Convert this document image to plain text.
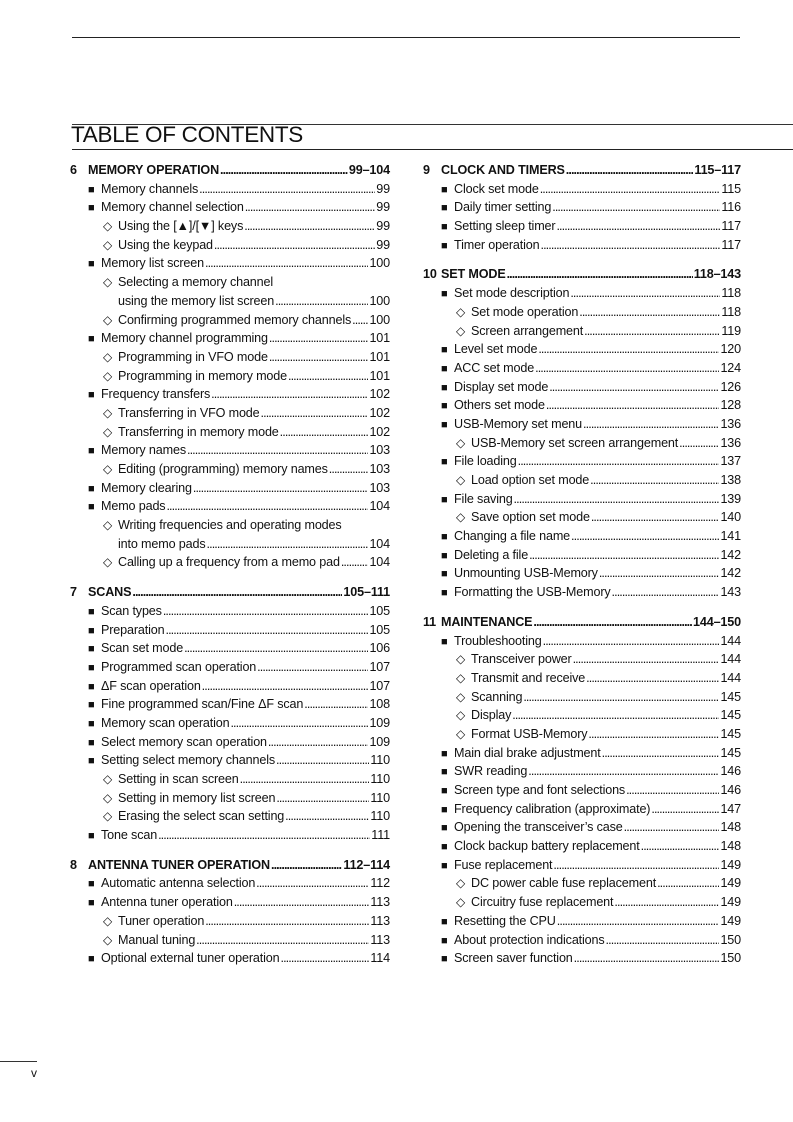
TABLE OF CONTENTS
6 MEMORY OPERATION . . .	99–104
■ Memory channels . . .	99
■ Memory channel selection . . .	99
◇ Using the [▲]/[▼] keys . . .	99
◇ Using the keypad . . .	99
■ Memory list screen . . .	100
◇ Selecting a memory channel
using the memory list screen . . .	100
◇ Confirming programmed memory channels . . . 100
■ Memory channel programming . . .	101
◇ Programming in VFO mode . . .	101
◇ Programming in memory mode . . .	101
■ Frequency transfers . . .	102
◇ Transferring in VFO mode . . .	102
◇ Transferring in memory mode . . .	102
■ Memory names . . .	103
◇ Editing (programming) memory names . . .	103
■ Memory clearing . . .	103
■ Memo pads . . .	104
◇ Writing frequencies and operating modes
into memo pads . . .	104
◇ Calling up a frequency from a memo pad . . . 104
7 SCANS . . .	105–111
■ Scan types . . .	105
■ Preparation . . .	105
■ Scan set mode . . .	106
■ Programmed scan operation . . .	107
■ ΔF scan operation . . .	107
■ Fine programmed scan/Fine ΔF scan . . .	108
■ Memory scan operation . . .	109
■ Select memory scan operation . . .	109
■ Setting select memory channels . . .	110
◇ Setting in scan screen . . .	110
◇ Setting in memory list screen . . .	110
◇ Erasing the select scan setting . . .	110
■ Tone scan . . .	111
8 ANTENNA TUNER OPERATION . . .	112–114
■ Automatic antenna selection . . .	112
■ Antenna tuner operation . . .	113
◇ Tuner operation . . .	113
◇ Manual tuning . . .	113
■ Optional external tuner operation . . .	114
9 CLOCK AND TIMERS . . .	115–117
■ Clock set mode . . .	115
■ Daily timer setting . . .	116
■ Setting sleep timer . . .	117
■ Timer operation . . .	117
10 SET MODE . . .	118–143
■ Set mode description . . .	118
◇ Set mode operation . . .	118
◇ Screen arrangement . . .	119
■ Level set mode . . .	120
■ ACC set mode . . .	124
■ Display set mode . . .	126
■ Others set mode . . .	128
■ USB-Memory set menu . . .	136
◇ USB-Memory set screen arrangement . . .	136
■ File loading . . .	137
◇ Load option set mode . . .	138
■ File saving . . .	139
◇ Save option set mode . . .	140
■ Changing a file name . . .	141
■ Deleting a file . . .	142
■ Unmounting USB-Memory . . .	142
■ Formatting the USB-Memory . . .	143
11 MAINTENANCE . . .	144–150
■ Troubleshooting . . .	144
◇ Transceiver power . . .	144
◇ Transmit and receive . . .	144
◇ Scanning . . .	145
◇ Display . . .	145
◇ Format USB-Memory . . .	145
■ Main dial brake adjustment . . .	145
■ SWR reading . . .	146
■ Screen type and font selections . . .	146
■ Frequency calibration (approximate) . . .	147
■ Opening the transceiver’s case . . .	148
■ Clock backup battery replacement . . .	148
■ Fuse replacement . . .	149
◇ DC power cable fuse replacement . . .	149
◇ Circuitry fuse replacement . . .	149
■ Resetting the CPU . . .	149
■ About protection indications . . .	150
■ Screen saver function . . .	150
v
